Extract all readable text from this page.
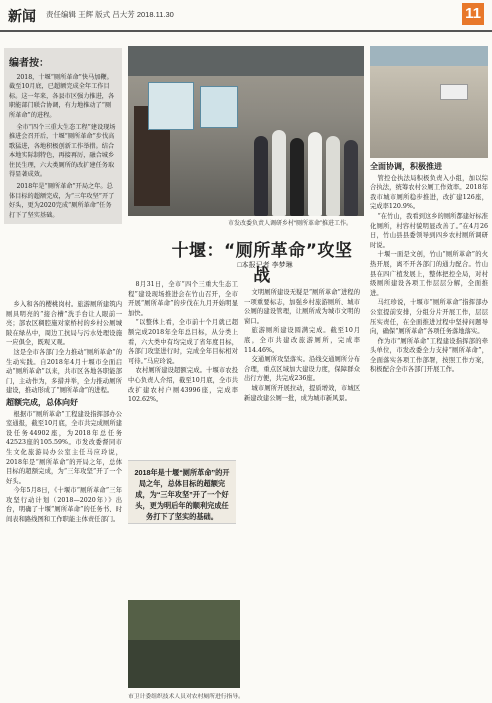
新闻 责任编辑 王辉 版式 吕大芳 2018.11.30	11
编者按：

2018，十堰“厕所革命”快马加鞭。截至10月底，已超额完成全年工作目标。这一年来，各县市区强力推进，各职能部门联合协调，有力地推动了“厕所革命”的进程。

全市“四个三重大生态工程”建设现场推进会召开后，十堰“厕所革命”步伐高歌猛进，各地积极创新工作举措。结合本地实际制特色，再接再厉，融合城乡住民生理，六大类厕所的改扩建任务取得显著成效。

2018年是“厕所革命”开局之年。总体目标的超额完成，为“三年攻坚”开了好头，更为2020完成“厕所革命”任务打下了坚实基础。

市发改委负责人调研乡村“厕所革命”推进工作。
十堰：“厕所革命”攻坚战
□本报记者 李梦琳

乡入和各的樱桃岗村。旅游厕所建筑内厕具明亮的“接合槽”洗手台让人眼前一亮；部农区稠腔施对家桥村的乡村公厕城陂在绿丛中，周边工抗局与污水处理设施一应俱全，既观又观。

这是全市各部门全力推动“厕所革命”的生动实践。自2018年4月十堰市全面启动“厕所革命”以来，共市区各地各职能部门，主动作为，多措并举，全力推动厕所建设，推动形成了“厕所革命”的进程。

超额完成，总体向好

根据市“厕所革命”工程建设指挥部办公室通报，截至10月底，全市共完成厕所建设任务44902座，为2018年总任务42523座的105.59%。市发改委督同市生文化旅游局办公室主任马应玲说，2018年是“厕所革命”的开局之年，总体目标的超额完成，为“三年攻坚”开了一个好头。

今年5月8日，《十堰市“厕所革命”三年攻坚行动计划（2018—2020年）》出台，明确了十堰“厕所革命”的任务书、时间表和路线图和工作职能主体责任部门。

8月31日，全市“四个三重大生态工程”建设现场推进会在竹山召开，全市开展“厕所革命”的步伐在九月开始明显加快。

“以整体上看，全市前十个月就已超额完成2018年全年总目标，从分类上看，六大类中有均完成了省年度目标，各部门攻坚进行时，完成全年目标相对可待。”马应玲说。

农村厕所建设超额完成。十堰市农投中心负责人介绍，截至10月底，全市共改扩建农村户厕43996座，完成率102.62%。

2018年是十堰“厕所革命”的开局之年，总体目标的超额完成，为“三年攻坚”开了一个好头，更为明后年的顺利完成任务打下了坚实的基础。

文明厕所建设无疑是“厕所革命”进程的一项重要标志，加强乡村旅游厕所、城市公厕的建设管理，让厕所成为城市文明的窗口。

旅游厕所建设圆满完成。截至10月底，全市共建改旅游厕所，完成率114.46%。

交通厕所攻坚落实。沿线交通厕所分布合理，重点区域加大建设力度，保障群众出行方便，共完成236座。

城市厕所开展拉动，提质增效，市城区新建改建公厕一批，成为城市新风景。

全面协调，积极推进

管控仓执法局积极负责入小组，加以综合执法，统筹农村公厕工作效率。2018年我市城市厕所稳步推进，改扩建126座，完成率120.9%。

“在竹山，我看到这乡的厕所都建好标准化厕所，村容村貌明显改善了。”在4月26日，竹山县县委领导到四乡农村厕所调研时说。

十堰一面是文创，竹山“厕所革命”的火热开展，离不开各部门的通力配合。竹山县在四广植发展上，整体把控全局，对村级厕所建设各项工作层层分解，全面推进。

马红珍说，十堰市“厕所革命”指挥部办公室提前安排，分组分片开展工作，层层压实责任，在全面推进过程中坚持问题导向，确保“厕所革命”各项任务落地落实。

作为市“厕所革命”工程建设指挥部的牵头单位，市发改委全力支持“厕所革命”，全面落实各项工作部署，按照工作方案，积极配合全市各部门开展工作。

市卫计委组织技术人员对农村厕所进行指导。
